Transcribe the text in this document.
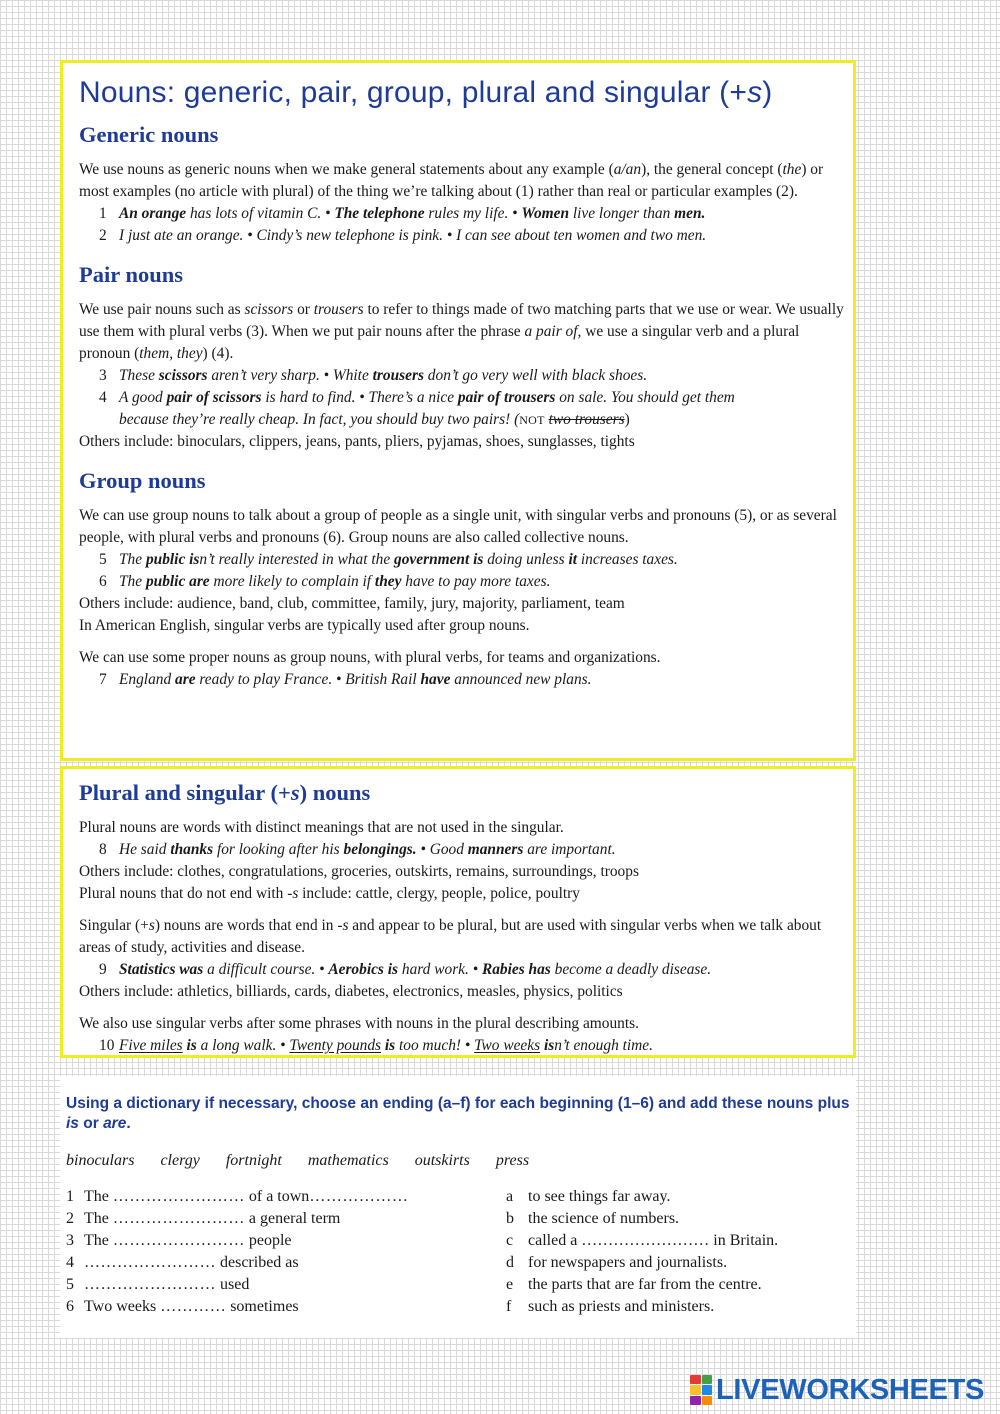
Nouns: generic, pair, group, plural and singular (+s)
Generic nouns

We use nouns as generic nouns when we make general statements about any example (a/an), the general concept (the) or most examples (no article with plural) of the thing we’re talking about (1) rather than real or particular examples (2).

1 An orange has lots of vitamin C. • The telephone rules my life. • Women live longer than men.
2 I just ate an orange. • Cindy’s new telephone is pink. • I can see about ten women and two men.
Pair nouns

We use pair nouns such as scissors or trousers to refer to things made of two matching parts that we use or wear. We usually use them with plural verbs (3). When we put pair nouns after the phrase a pair of, we use a singular verb and a plural pronoun (them, they) (4).

3 These scissors aren’t very sharp. • White trousers don’t go very well with black shoes.
4 A good pair of scissors is hard to find. • There’s a nice pair of trousers on sale. You should get them
because they’re really cheap. In fact, you should buy two pairs! (NOT two trousers)
Others include: binoculars, clippers, jeans, pants, pliers, pyjamas, shoes, sunglasses, tights
Group nouns

We can use group nouns to talk about a group of people as a single unit, with singular verbs and pronouns (5), or as several people, with plural verbs and pronouns (6). Group nouns are also called collective nouns.

5 The public isn’t really interested in what the government is doing unless it increases taxes.
6 The public are more likely to complain if they have to pay more taxes.
Others include: audience, band, club, committee, family, jury, majority, parliament, team
In American English, singular verbs are typically used after group nouns.

We can use some proper nouns as group nouns, with plural verbs, for teams and organizations.

7 England are ready to play France. • British Rail have announced new plans.
Plural and singular (+s) nouns
Plural nouns are words with distinct meanings that are not used in the singular.
8 He said thanks for looking after his belongings. • Good manners are important.
Others include: clothes, congratulations, groceries, outskirts, remains, surroundings, troops
Plural nouns that do not end with -s include: cattle, clergy, people, police, poultry
Singular (+s) nouns are words that end in -s and appear to be plural, but are used with singular verbs when we talk about areas of study, activities and disease.
9 Statistics was a difficult course. • Aerobics is hard work. • Rabies has become a deadly disease.
Others include: athletics, billiards, cards, diabetes, electronics, measles, physics, politics
We also use singular verbs after some phrases with nouns in the plural describing amounts.
10 Five miles is a long walk. • Twenty pounds is too much! • Two weeks isn’t enough time.

Using a dictionary if necessary, choose an ending (a–f) for each beginning (1–6) and add these nouns plus is or are.

binoculars clergy fortnight mathematics outskirts press
1 The …………………… of a town………………
2 The …………………… a general term
3 The …………………… people
4 …………………… described as
5 …………………… used
6 Two weeks ………… sometimes
a to see things far away.
b the science of numbers.
c called a …………………… in Britain.
d for newspapers and journalists.
e the parts that are far from the centre.
f such as priests and ministers.
LIVEWORKSHEETS
